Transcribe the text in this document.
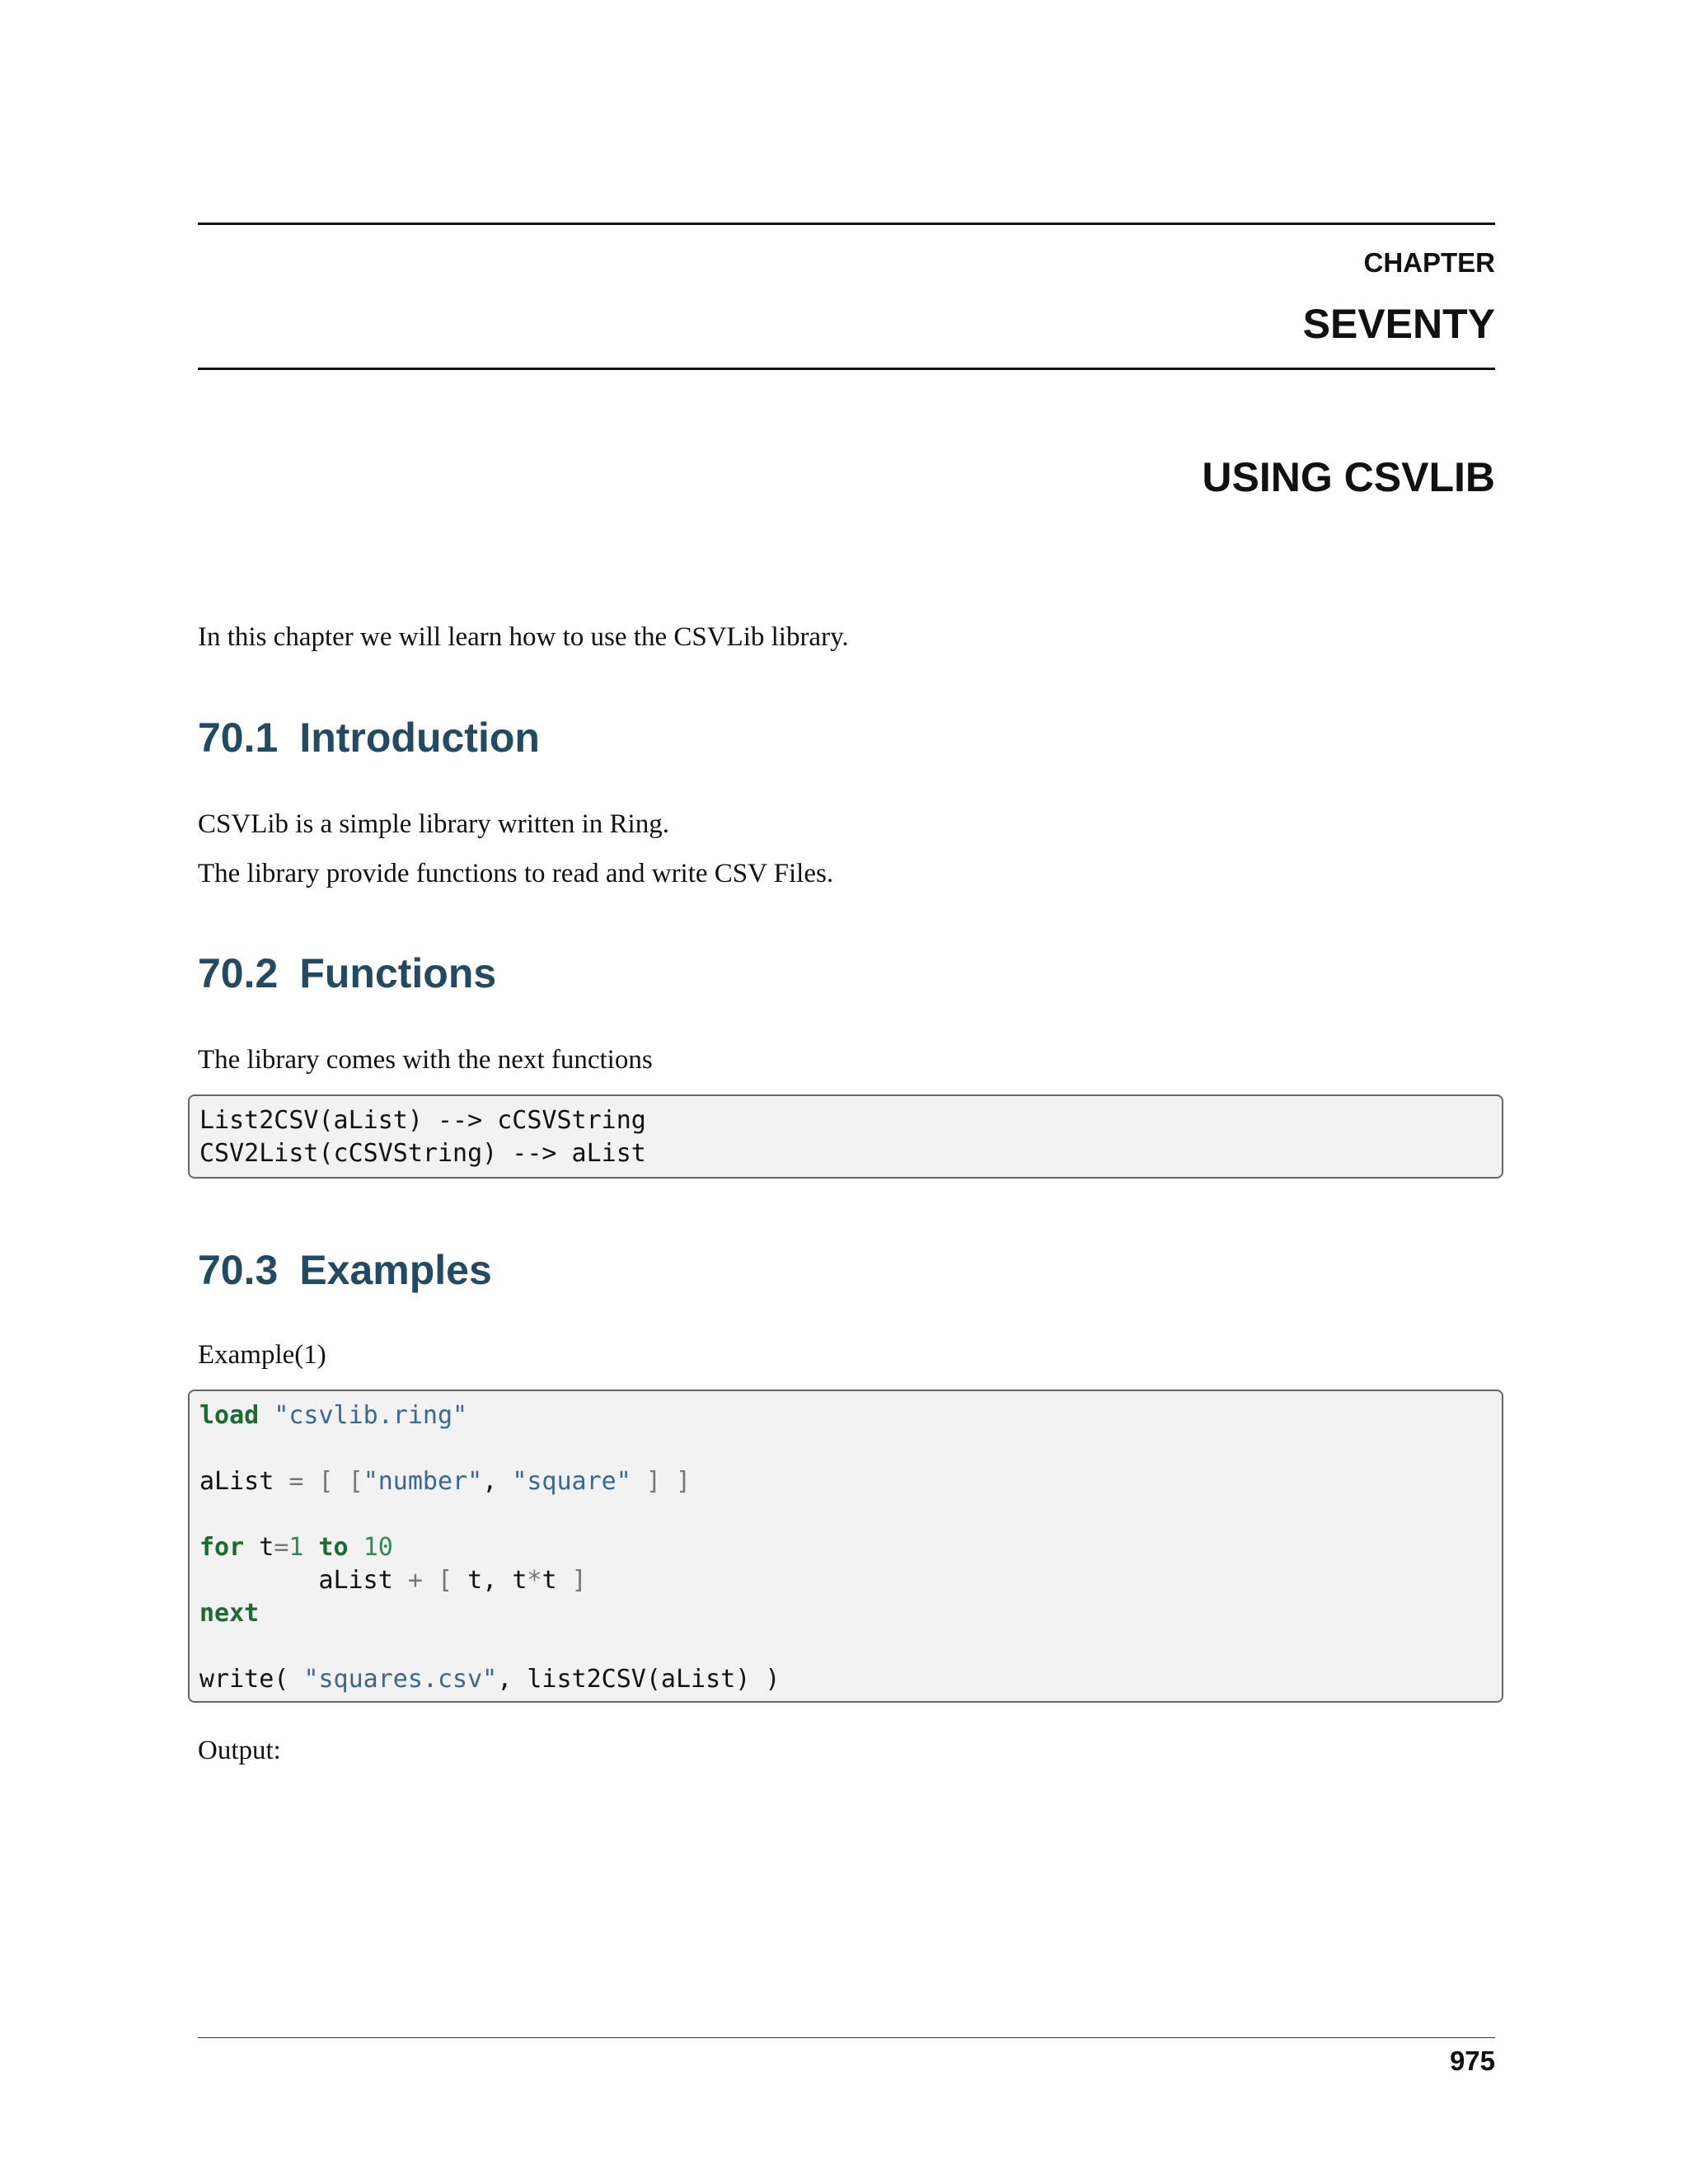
CHAPTER
SEVENTY
USING CSVLIB
In this chapter we will learn how to use the CSVLib library.
70.1 Introduction
CSVLib is a simple library written in Ring.
The library provide functions to read and write CSV Files.
70.2 Functions
The library comes with the next functions
List2CSV(aList) --> cCSVString
CSV2List(cCSVString) --> aList
70.3 Examples
Example(1)
load "csvlib.ring"
aList = [ ["number", "square" ] ]
for t=1 to 10
aList + [ t, t*t ]
next
write( "squares.csv", list2CSV(aList) )
Output:
975
